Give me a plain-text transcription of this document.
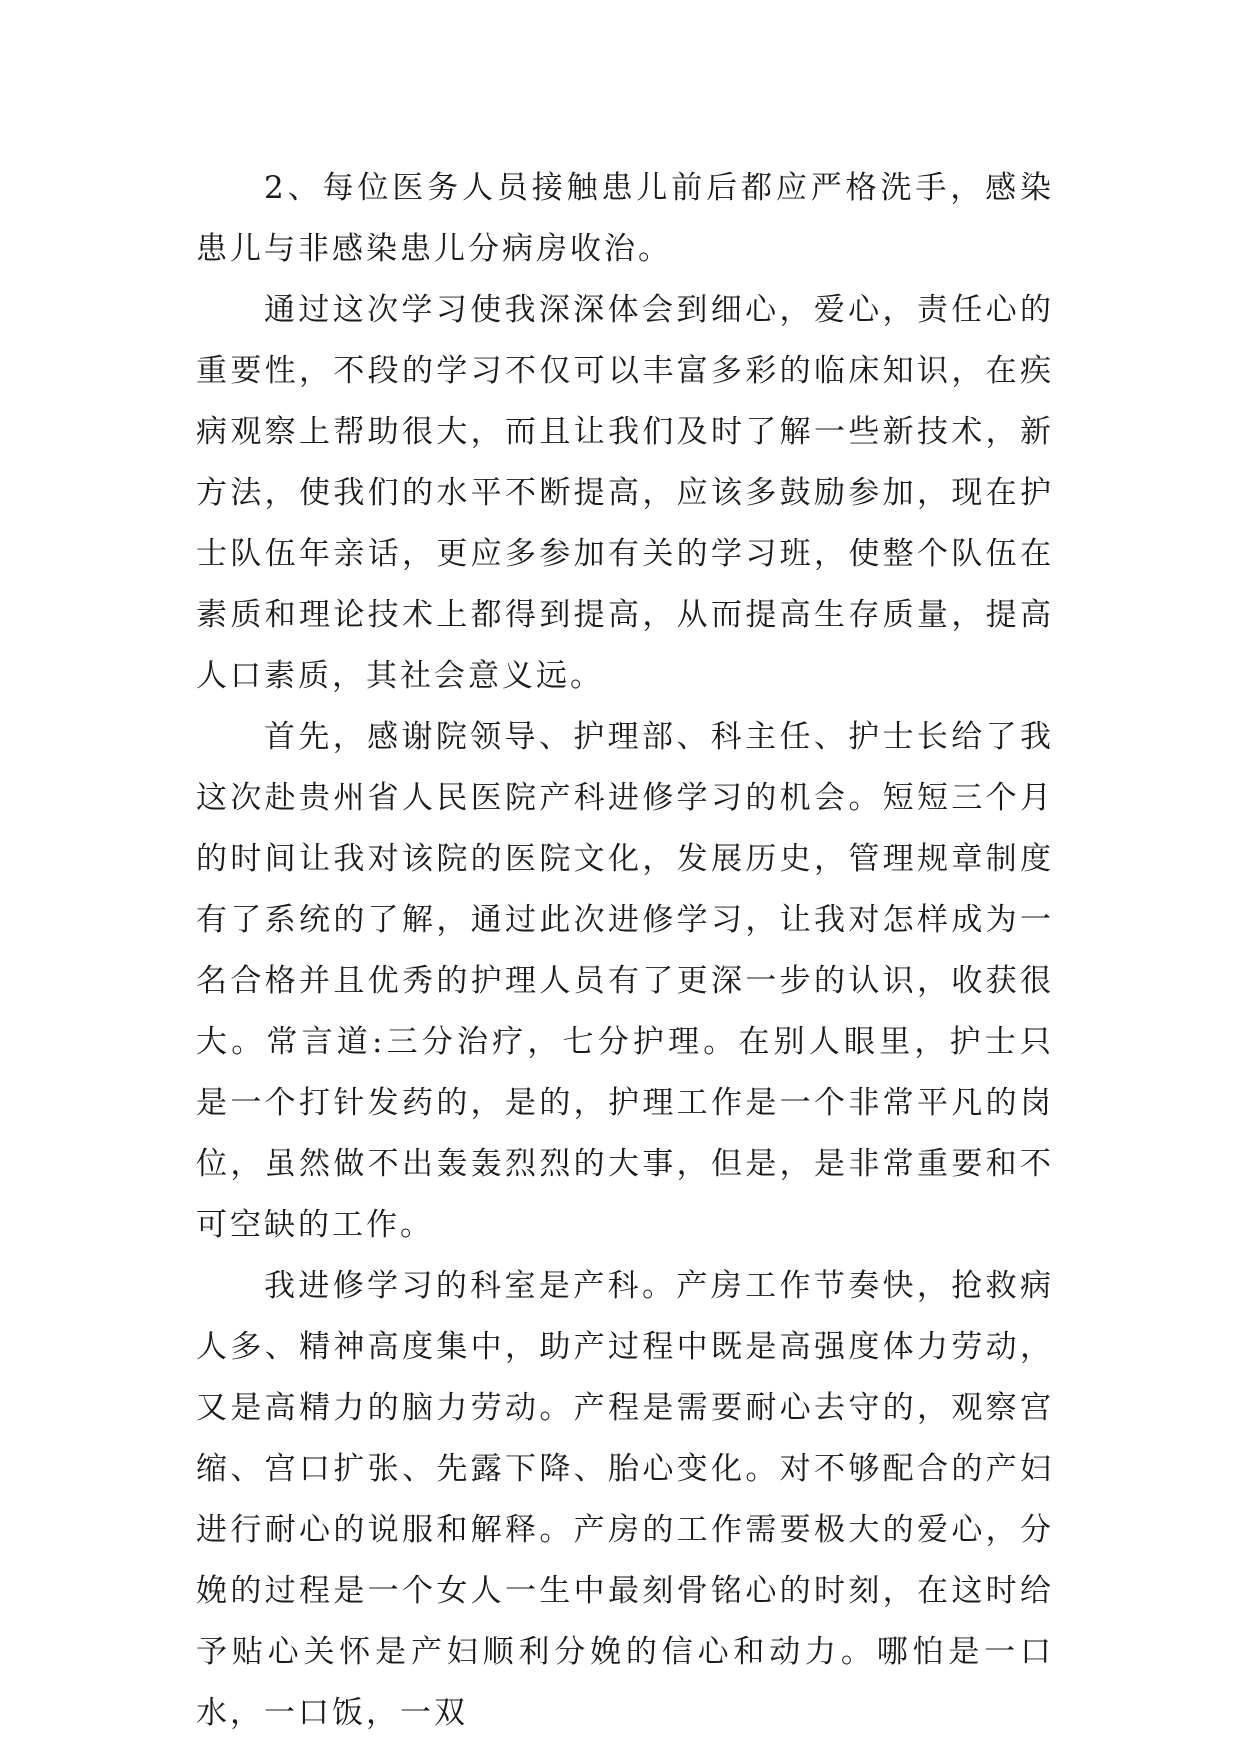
2、每位医务人员接触患儿前后都应严格洗手，感染患儿与非感染患儿分病房收治。

通过这次学习使我深深体会到细心，爱心，责任心的重要性，不段的学习不仅可以丰富多彩的临床知识，在疾病观察上帮助很大，而且让我们及时了解一些新技术，新方法，使我们的水平不断提高，应该多鼓励参加，现在护士队伍年亲话，更应多参加有关的学习班，使整个队伍在素质和理论技术上都得到提高，从而提高生存质量，提高人口素质，其社会意义远。

首先，感谢院领导、护理部、科主任、护士长给了我这次赴贵州省人民医院产科进修学习的机会。短短三个月的时间让我对该院的医院文化，发展历史，管理规章制度有了系统的了解，通过此次进修学习，让我对怎样成为一名合格并且优秀的护理人员有了更深一步的认识，收获很大。常言道:三分治疗，七分护理。在别人眼里，护士只是一个打针发药的，是的，护理工作是一个非常平凡的岗位，虽然做不出轰轰烈烈的大事，但是，是非常重要和不可空缺的工作。

我进修学习的科室是产科。产房工作节奏快，抢救病人多、精神高度集中，助产过程中既是高强度体力劳动，又是高精力的脑力劳动。产程是需要耐心去守的，观察宫缩、宫口扩张、先露下降、胎心变化。对不够配合的产妇进行耐心的说服和解释。产房的工作需要极大的爱心，分娩的过程是一个女人一生中最刻骨铭心的时刻，在这时给予贴心关怀是产妇顺利分娩的信心和动力。哪怕是一口水，一口饭，一双
